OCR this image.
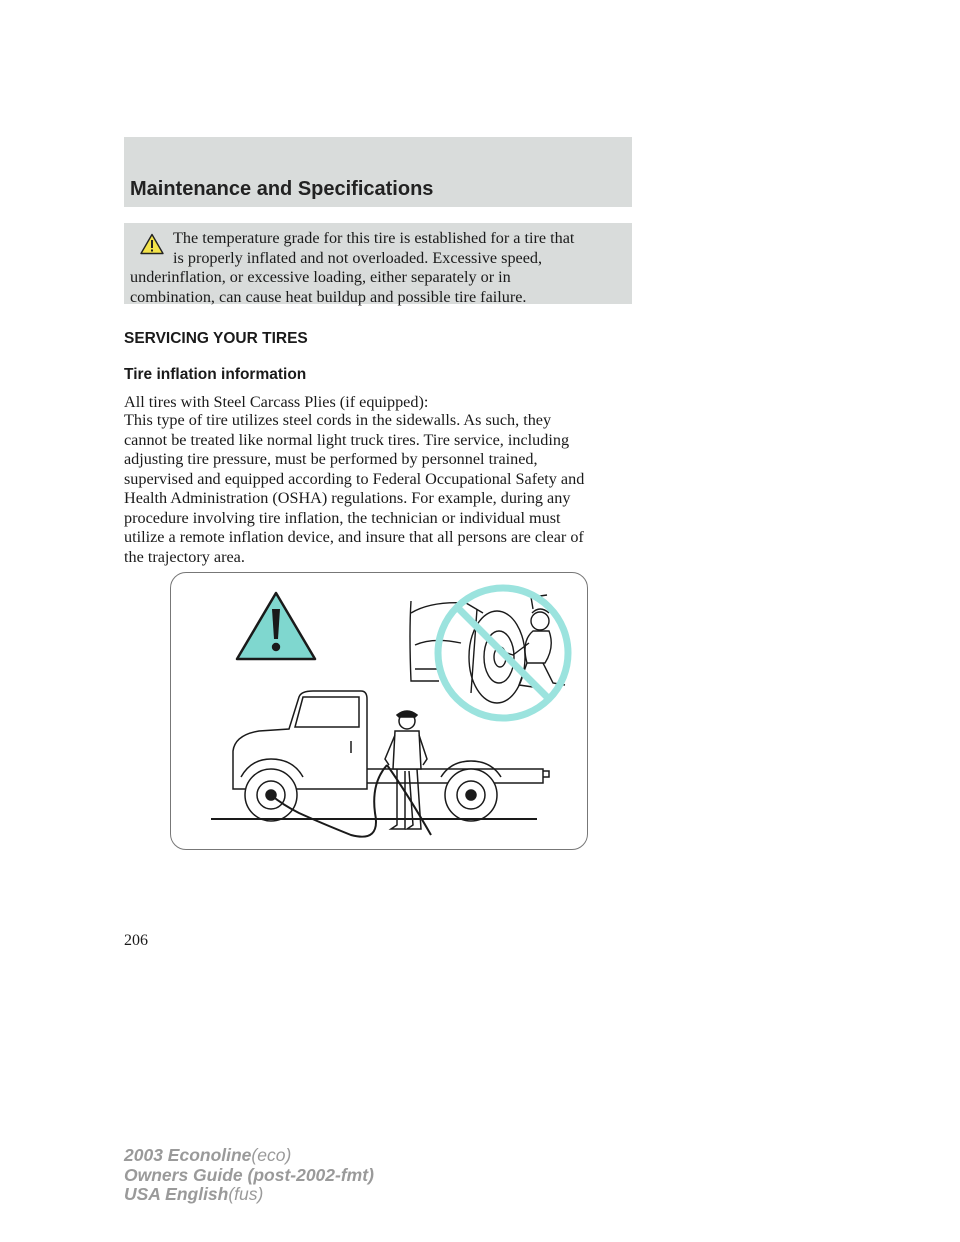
Maintenance and Specifications

The temperature grade for this tire is established for a tire that
is properly inflated and not overloaded. Excessive speed,
underinflation, or excessive loading, either separately or in
combination, can cause heat buildup and possible tire failure.

SERVICING YOUR TIRES
Tire inflation information

All tires with Steel Carcass Plies (if equipped):

This type of tire utilizes steel cords in the sidewalls. As such, they
cannot be treated like normal light truck tires. Tire service, including
adjusting tire pressure, must be performed by personnel trained,
supervised and equipped according to Federal Occupational Safety and
Health Administration (OSHA) regulations. For example, during any
procedure involving tire inflation, the technician or individual must
utilize a remote inflation device, and insure that all persons are clear of
the trajectory area.

206

2003 Econoline(eco)
Owners Guide (post-2002-fmt)
USA English(fus)
